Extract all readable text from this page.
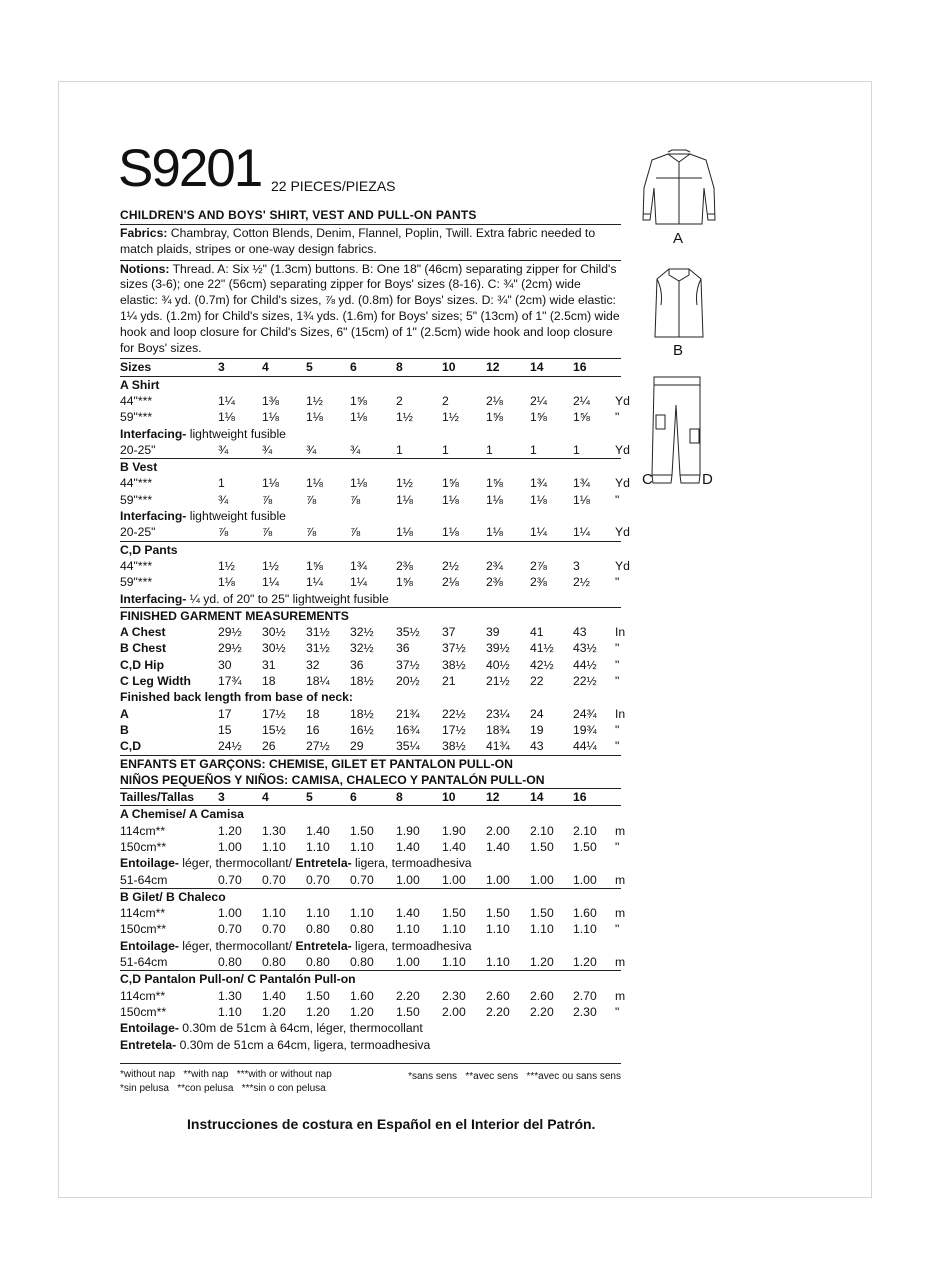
S9201 22 PIECES/PIEZAS
CHILDREN'S AND BOYS' SHIRT, VEST AND PULL-ON PANTS
Fabrics: Chambray, Cotton Blends, Denim, Flannel, Poplin, Twill. Extra fabric needed to match plaids, stripes or one-way design fabrics.
Notions: Thread. A: Six ½" (1.3cm) buttons. B: One 18" (46cm) separating zipper for Child's sizes (3-6); one 22" (56cm) separating zipper for Boys' sizes (8-16). C: ¾" (2cm) wide elastic: ¾ yd. (0.7m) for Child's sizes, ⅞ yd. (0.8m) for Boys' sizes. D: ¾" (2cm) wide elastic: 1¼ yds. (1.2m) for Child's sizes, 1¾ yds. (1.6m) for Boys' sizes; 5" (13cm) of 1" (2.5cm) wide hook and loop closure for Child's Sizes, 6" (15cm) of 1" (2.5cm) wide hook and loop closure for Boys' sizes.
Sizes	3	4	5	6	8	10	12	14	16
A Shirt
44"***	1¼	1⅜	1½	1⅝	2	2	2⅛	2¼	2¼	Yd
59"***	1⅛	1⅛	1⅛	1⅛	1½	1½	1⅝	1⅝	1⅝	"
Interfacing- lightweight fusible
20-25"	¾	¾	¾	¾	1	1	1	1	1	Yd
B Vest
44"***	1	1⅛	1⅛	1⅛	1½	1⅝	1⅝	1¾	1¾	Yd
59"***	¾	⅞	⅞	⅞	1⅛	1⅛	1⅛	1⅛	1⅛	"
Interfacing- lightweight fusible
20-25"	⅞	⅞	⅞	⅞	1⅛	1⅛	1⅛	1¼	1¼	Yd
C,D Pants
44"***	1½	1½	1⅝	1¾	2⅜	2½	2¾	2⅞	3	Yd
59"***	1⅛	1¼	1¼	1¼	1⅝	2⅛	2⅜	2⅜	2½	"
Interfacing- ¼ yd. of 20" to 25" lightweight fusible
FINISHED GARMENT MEASUREMENTS
A Chest	29½	30½	31½	32½	35½	37	39	41	43	In
B Chest	29½	30½	31½	32½	36	37½	39½	41½	43½	"
C,D Hip	30	31	32	36	37½	38½	40½	42½	44½	"
C Leg Width	17¾	18	18¼	18½	20½	21	21½	22	22½	"
Finished back length from base of neck:
A	17	17½	18	18½	21¾	22½	23¼	24	24¾	In
B	15	15½	16	16½	16¾	17½	18¾	19	19¾	"
C,D	24½	26	27½	29	35¼	38½	41¾	43	44¼	"
ENFANTS ET GARÇONS: CHEMISE, GILET ET PANTALON PULL-ON
NIÑOS PEQUEÑOS Y NIÑOS: CAMISA, CHALECO Y PANTALÓN PULL-ON
Tailles/Tallas	3	4	5	6	8	10	12	14	16
A Chemise/ A Camisa
114cm**	1.20	1.30	1.40	1.50	1.90	1.90	2.00	2.10	2.10	m
150cm**	1.00	1.10	1.10	1.10	1.40	1.40	1.40	1.50	1.50	"
Entoilage- léger, thermocollant/ Entretela- ligera, termoadhesiva
51-64cm	0.70	0.70	0.70	0.70	1.00	1.00	1.00	1.00	1.00	m
B Gilet/ B Chaleco
114cm**	1.00	1.10	1.10	1.10	1.40	1.50	1.50	1.50	1.60	m
150cm**	0.70	0.70	0.80	0.80	1.10	1.10	1.10	1.10	1.10	"
Entoilage- léger, thermocollant/ Entretela- ligera, termoadhesiva
51-64cm	0.80	0.80	0.80	0.80	1.00	1.10	1.10	1.20	1.20	m
C,D Pantalon Pull-on/ C Pantalón Pull-on
114cm**	1.30	1.40	1.50	1.60	2.20	2.30	2.60	2.60	2.70	m
150cm**	1.10	1.20	1.20	1.20	1.50	2.00	2.20	2.20	2.30	"
Entoilage- 0.30m de 51cm à 64cm, léger, thermocollant
Entretela- 0.30m de 51cm a 64cm, ligera, termoadhesiva
*without nap   **with nap   ***with or without nap
*sin pelusa   **con pelusa   ***sin o con pelusa
*sans sens   **avec sens   ***avec ou sans sens
Instrucciones de costura en Español en el Interior del Patrón.
A
B
C	D
